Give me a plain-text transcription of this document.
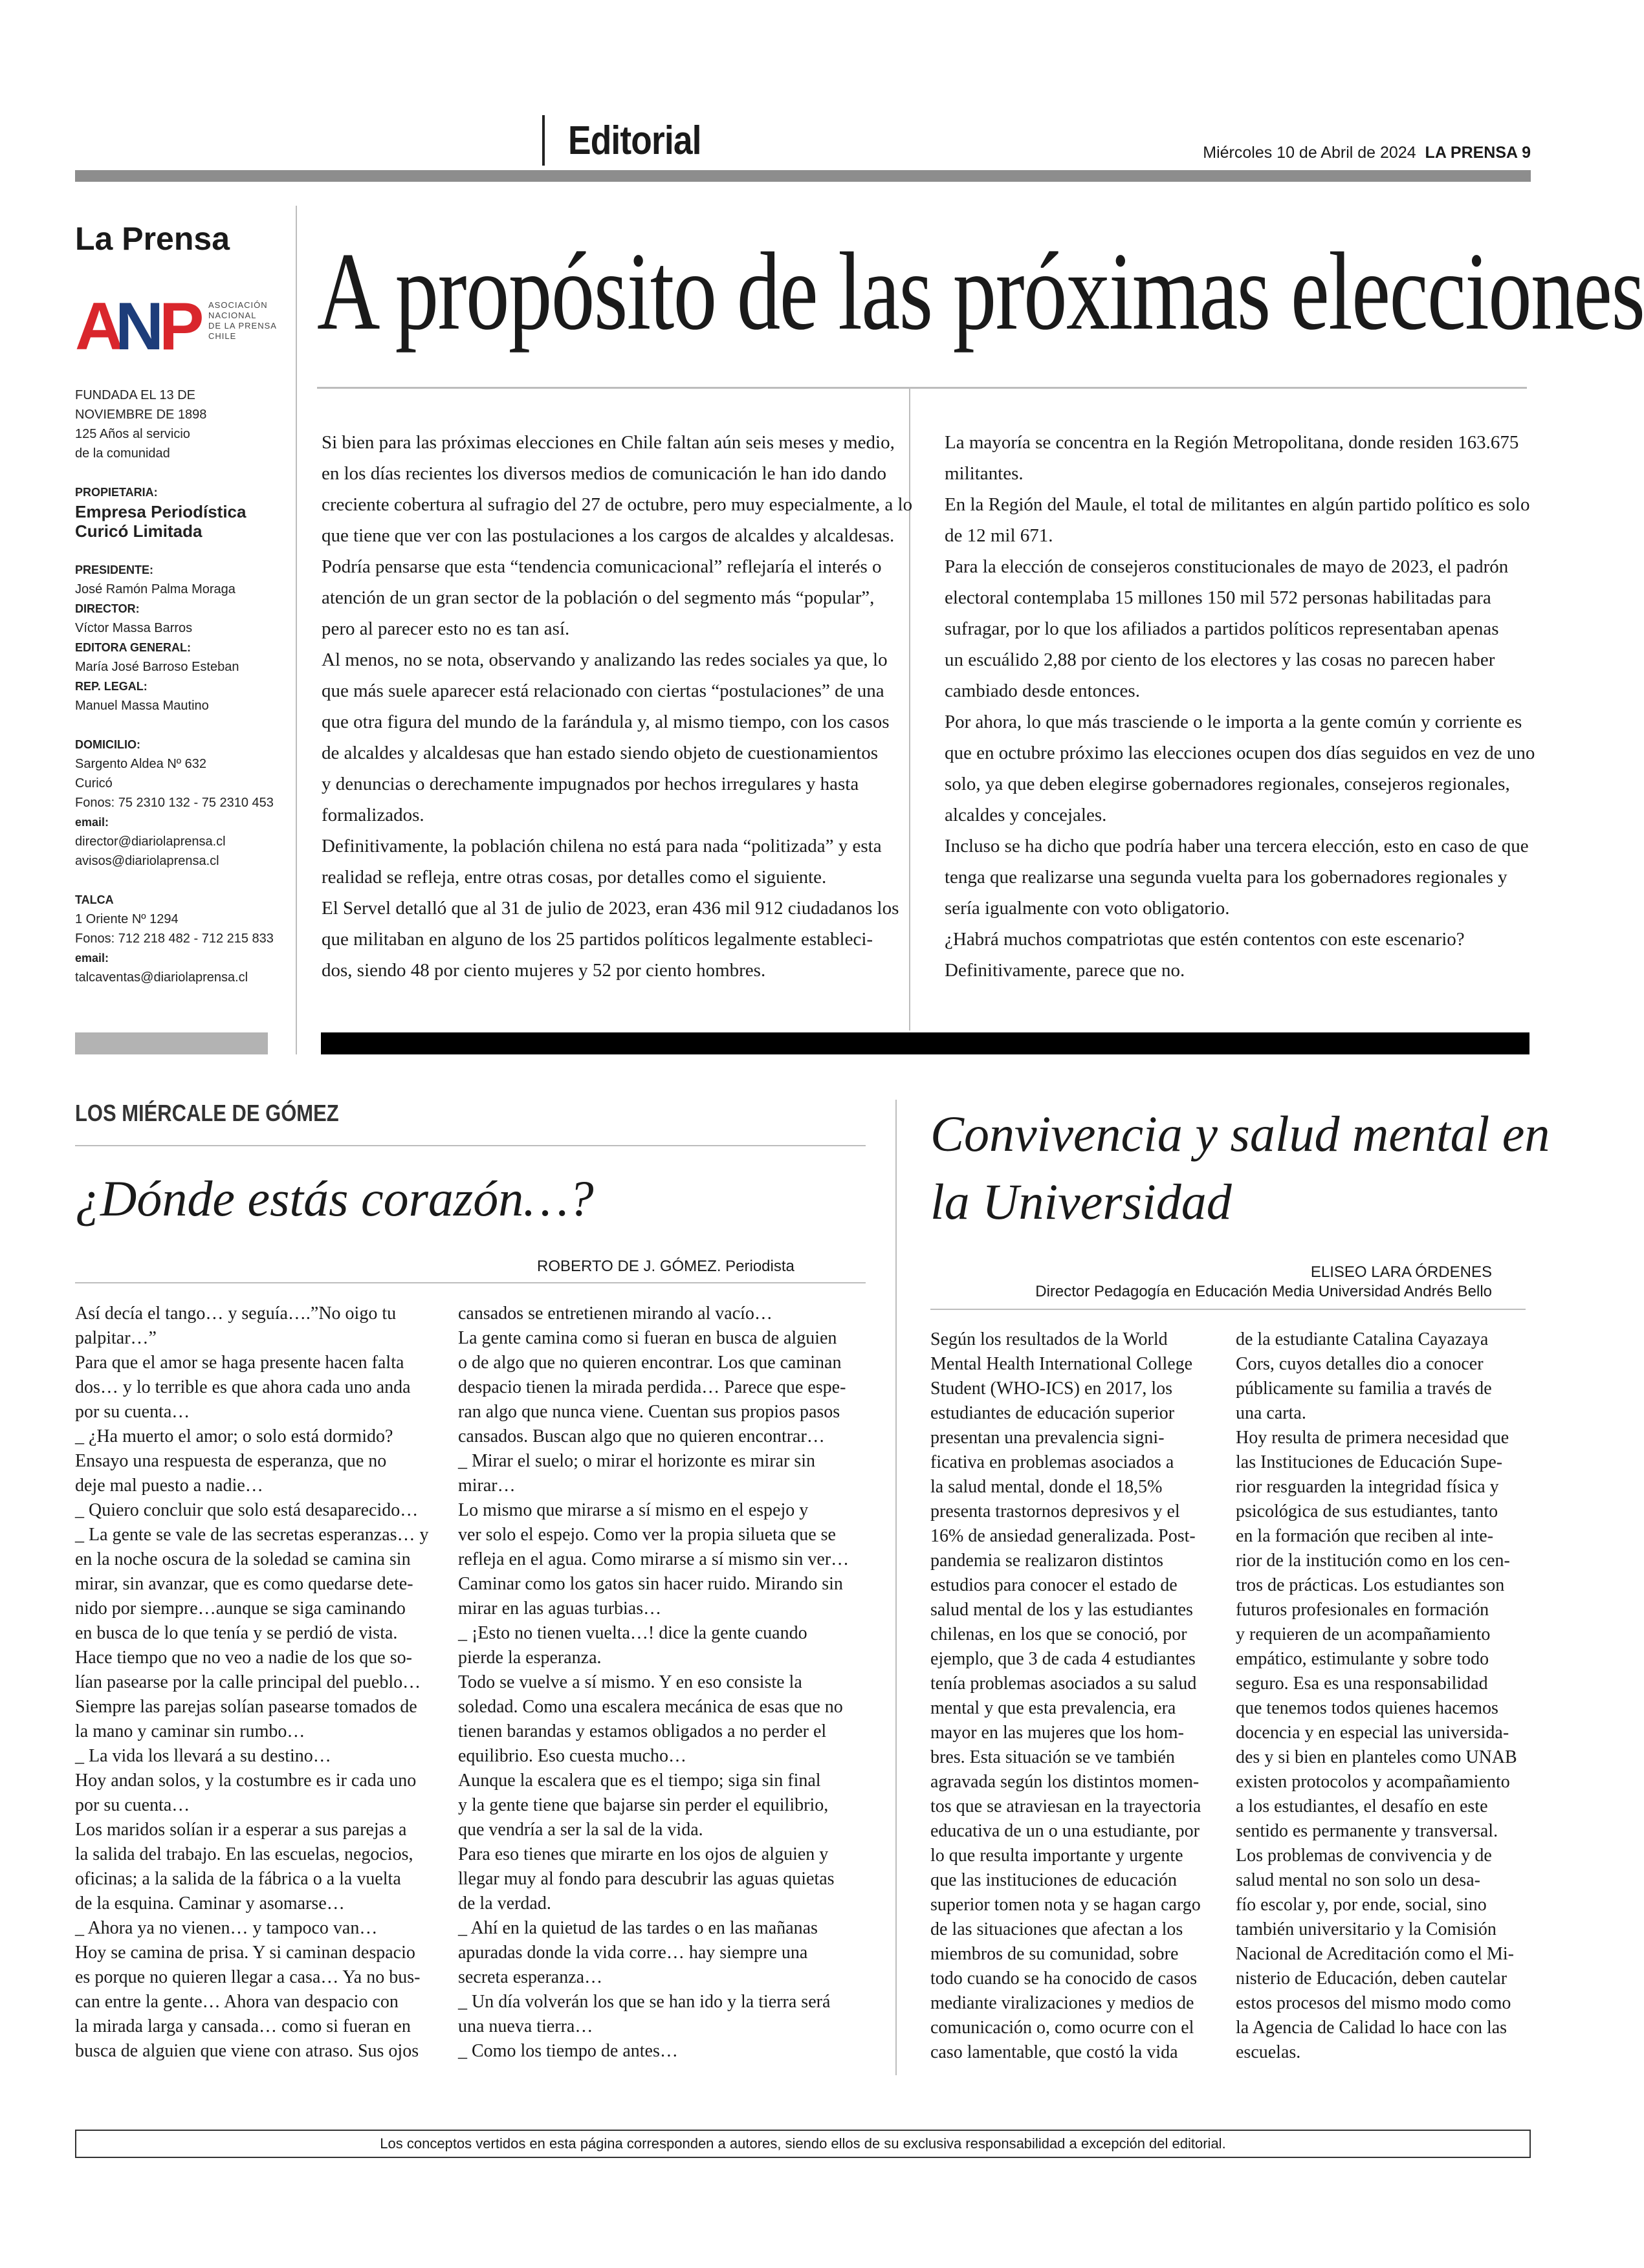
Editorial	Miércoles 10 de Abril de 2024 LA PRENSA 9
La Prensa
A
N
P ASOCIACIÓN
NACIONAL
DE LA PRENSA
CHILE
FUNDADA EL 13 DE
NOVIEMBRE DE 1898
125 Años al servicio
de la comunidad
PROPIETARIA:
Empresa Periodística
Curicó Limitada
PRESIDENTE:
José Ramón Palma Moraga
DIRECTOR:
Víctor Massa Barros
EDITORA GENERAL:
María José Barroso Esteban
REP. LEGAL:
Manuel Massa Mautino
DOMICILIO:
Sargento Aldea Nº 632
Curicó
Fonos: 75 2310 132 - 75 2310 453
email:
director@diariolaprensa.cl
avisos@diariolaprensa.cl
TALCA
1 Oriente Nº 1294
Fonos: 712 218 482 - 712 215 833
email:
talcaventas@diariolaprensa.cl
A propósito de las próximas elecciones

Si bien para las próximas elecciones en Chile faltan aún seis meses y medio,

en los días recientes los diversos medios de comunicación le han ido dando

creciente cobertura al sufragio del 27 de octubre, pero muy especialmente, a lo

que tiene que ver con las postulaciones a los cargos de alcaldes y alcaldesas.

Podría pensarse que esta “tendencia comunicacional” reflejaría el interés o

atención de un gran sector de la población o del segmento más “popular”,

pero al parecer esto no es tan así.

Al menos, no se nota, observando y analizando las redes sociales ya que, lo

que más suele aparecer está relacionado con ciertas “postulaciones” de una

que otra figura del mundo de la farándula y, al mismo tiempo, con los casos

de alcaldes y alcaldesas que han estado siendo objeto de cuestionamientos

y denuncias o derechamente impugnados por hechos irregulares y hasta

formalizados.

Definitivamente, la población chilena no está para nada “politizada” y esta

realidad se refleja, entre otras cosas, por detalles como el siguiente.

El Servel detalló que al 31 de julio de 2023, eran 436 mil 912 ciudadanos los

que militaban en alguno de los 25 partidos políticos legalmente estableci-

dos, siendo 48 por ciento mujeres y 52 por ciento hombres.

La mayoría se concentra en la Región Metropolitana, donde residen 163.675

militantes.

En la Región del Maule, el total de militantes en algún partido político es solo

de 12 mil 671.

Para la elección de consejeros constitucionales de mayo de 2023, el padrón

electoral contemplaba 15 millones 150 mil 572 personas habilitadas para

sufragar, por lo que los afiliados a partidos políticos representaban apenas

un escuálido 2,88 por ciento de los electores y las cosas no parecen haber

cambiado desde entonces.

Por ahora, lo que más trasciende o le importa a la gente común y corriente es

que en octubre próximo las elecciones ocupen dos días seguidos en vez de uno

solo, ya que deben elegirse gobernadores regionales, consejeros regionales,

alcaldes y concejales.

Incluso se ha dicho que podría haber una tercera elección, esto en caso de que

tenga que realizarse una segunda vuelta para los gobernadores regionales y

sería igualmente con voto obligatorio.

¿Habrá muchos compatriotas que estén contentos con este escenario?

Definitivamente, parece que no.

LOS MIÉRCALE DE GÓMEZ
¿Dónde estás corazón…?
ROBERTO DE J. GÓMEZ. Periodista

Así decía el tango… y seguía….”No oigo tu

palpitar…”

Para que el amor se haga presente hacen falta

dos… y lo terrible es que ahora cada uno anda

por su cuenta…

_ ¿Ha muerto el amor; o solo está dormido?

Ensayo una respuesta de esperanza, que no

deje mal puesto a nadie…

_ Quiero concluir que solo está desaparecido…

_ La gente se vale de las secretas esperanzas… y

en la noche oscura de la soledad se camina sin

mirar, sin avanzar, que es como quedarse dete-

nido por siempre…aunque se siga caminando

en busca de lo que tenía y se perdió de vista.

Hace tiempo que no veo a nadie de los que so-

lían pasearse por la calle principal del pueblo…

Siempre las parejas solían pasearse tomados de

la mano y caminar sin rumbo…

_ La vida los llevará a su destino…

Hoy andan solos, y la costumbre es ir cada uno

por su cuenta…

Los maridos solían ir a esperar a sus parejas a

la salida del trabajo. En las escuelas, negocios,

oficinas; a la salida de la fábrica o a la vuelta

de la esquina. Caminar y asomarse…

_ Ahora ya no vienen… y tampoco van…

Hoy se camina de prisa. Y si caminan despacio

es porque no quieren llegar a casa… Ya no bus-

can entre la gente… Ahora van despacio con

la mirada larga y cansada… como si fueran en

busca de alguien que viene con atraso. Sus ojos

cansados se entretienen mirando al vacío…

La gente camina como si fueran en busca de alguien

o de algo que no quieren encontrar. Los que caminan

despacio tienen la mirada perdida… Parece que espe-

ran algo que nunca viene. Cuentan sus propios pasos

cansados. Buscan algo que no quieren encontrar…

_ Mirar el suelo; o mirar el horizonte es mirar sin

mirar…

Lo mismo que mirarse a sí mismo en el espejo y

ver solo el espejo. Como ver la propia silueta que se

refleja en el agua. Como mirarse a sí mismo sin ver…

Caminar como los gatos sin hacer ruido. Mirando sin

mirar en las aguas turbias…

_ ¡Esto no tienen vuelta…! dice la gente cuando

pierde la esperanza.

Todo se vuelve a sí mismo. Y en eso consiste la

soledad. Como una escalera mecánica de esas que no

tienen barandas y estamos obligados a no perder el

equilibrio. Eso cuesta mucho…

Aunque la escalera que es el tiempo; siga sin final

y la gente tiene que bajarse sin perder el equilibrio,

que vendría a ser la sal de la vida.

Para eso tienes que mirarte en los ojos de alguien y

llegar muy al fondo para descubrir las aguas quietas

de la verdad.

_ Ahí en la quietud de las tardes o en las mañanas

apuradas donde la vida corre… hay siempre una

secreta esperanza…

_ Un día volverán los que se han ido y la tierra será

una nueva tierra…

_ Como los tiempo de antes…

Convivencia y salud mental en la Universidad
ELISEO LARA ÓRDENES
Director Pedagogía en Educación Media Universidad Andrés Bello

Según los resultados de la World

Mental Health International College

Student (WHO-ICS) en 2017, los

estudiantes de educación superior

presentan una prevalencia signi-

ficativa en problemas asociados a

la salud mental, donde el 18,5%

presenta trastornos depresivos y el

16% de ansiedad generalizada. Post-

pandemia se realizaron distintos

estudios para conocer el estado de

salud mental de los y las estudiantes

chilenas, en los que se conoció, por

ejemplo, que 3 de cada 4 estudiantes

tenía problemas asociados a su salud

mental y que esta prevalencia, era

mayor en las mujeres que los hom-

bres. Esta situación se ve también

agravada según los distintos momen-

tos que se atraviesan en la trayectoria

educativa de un o una estudiante, por

lo que resulta importante y urgente

que las instituciones de educación

superior tomen nota y se hagan cargo

de las situaciones que afectan a los

miembros de su comunidad, sobre

todo cuando se ha conocido de casos

mediante viralizaciones y medios de

comunicación o, como ocurre con el

caso lamentable, que costó la vida

de la estudiante Catalina Cayazaya

Cors, cuyos detalles dio a conocer

públicamente su familia a través de

una carta.

Hoy resulta de primera necesidad que

las Instituciones de Educación Supe-

rior resguarden la integridad física y

psicológica de sus estudiantes, tanto

en la formación que reciben al inte-

rior de la institución como en los cen-

tros de prácticas. Los estudiantes son

futuros profesionales en formación

y requieren de un acompañamiento

empático, estimulante y sobre todo

seguro. Esa es una responsabilidad

que tenemos todos quienes hacemos

docencia y en especial las universida-

des y si bien en planteles como UNAB

existen protocolos y acompañamiento

a los estudiantes, el desafío en este

sentido es permanente y transversal.

Los problemas de convivencia y de

salud mental no son solo un desa-

fío escolar y, por ende, social, sino

también universitario y la Comisión

Nacional de Acreditación como el Mi-

nisterio de Educación, deben cautelar

estos procesos del mismo modo como

la Agencia de Calidad lo hace con las

escuelas.

Los conceptos vertidos en esta página corresponden a autores, siendo ellos de su exclusiva responsabilidad a excepción del editorial.
